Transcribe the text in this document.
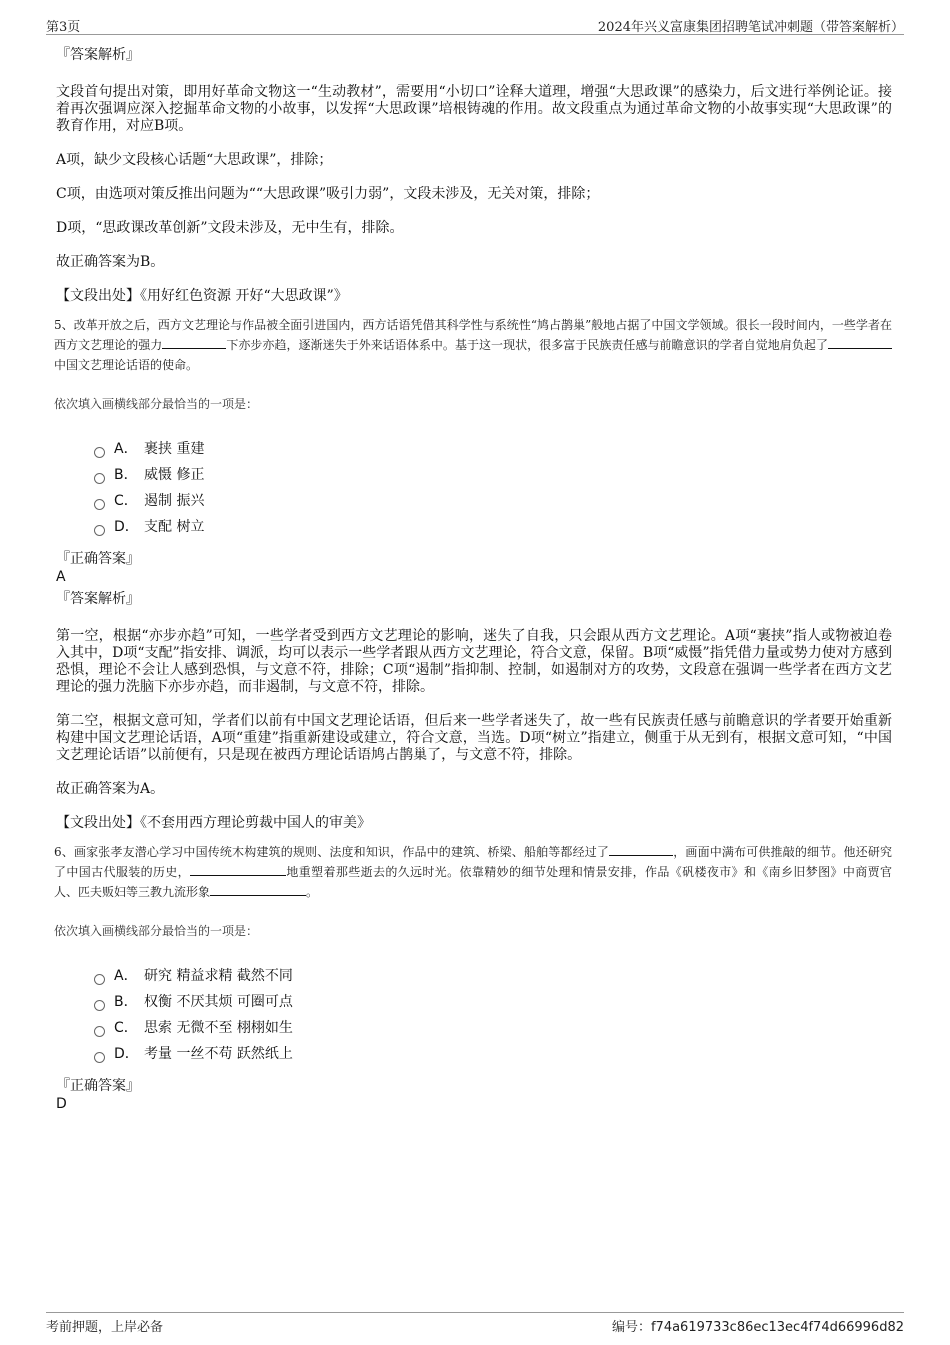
第3页	2024年兴义富康集团招聘笔试冲刺题（带答案解析）
『答案解析』

文段首句提出对策，即用好革命文物这一“生动教材”，需要用“小切口”诠释大道理，增强“大思政课”的感染力，后文进行举例论证。接着再次强调应深入挖掘革命文物的小故事，以发挥“大思政课”培根铸魂的作用。故文段重点为通过革命文物的小故事实现“大思政课”的教育作用，对应B项。

A项，缺少文段核心话题“大思政课”，排除；

C项，由选项对策反推出问题为““大思政课”吸引力弱”，文段未涉及，无关对策，排除；

D项，“思政课改革创新”文段未涉及，无中生有，排除。

故正确答案为B。

【文段出处】《用好红色资源 开好“大思政课”》

5、改革开放之后，西方文艺理论与作品被全面引进国内，西方话语凭借其科学性与系统性“鸠占鹊巢”般地占据了中国文学领域。很长一段时间内，一些学者在西方文艺理论的强力	下亦步亦趋，逐渐迷失于外来话语体系中。基于这一现状，很多富于民族责任感与前瞻意识的学者自觉地肩负起了中国文艺理论话语的使命。

依次填入画横线部分最恰当的一项是：

A． 裹挟 重建
B． 威慑 修正
C． 遏制 振兴
D． 支配 树立
『正确答案』
A
『答案解析』

第一空，根据“亦步亦趋”可知，一些学者受到西方文艺理论的影响，迷失了自我，只会跟从西方文艺理论。A项“裹挟”指人或物被迫卷入其中，D项“支配”指安排、调派，均可以表示一些学者跟从西方文艺理论，符合文意，保留。B项“威慑”指凭借力量或势力使对方感到恐惧，理论不会让人感到恐惧，与文意不符，排除；C项“遏制”指抑制、控制，如遏制对方的攻势，文段意在强调一些学者在西方文艺理论的强力洗脑下亦步亦趋，而非遏制，与文意不符，排除。

第二空，根据文意可知，学者们以前有中国文艺理论话语，但后来一些学者迷失了，故一些有民族责任感与前瞻意识的学者要开始重新构建中国文艺理论话语，A项“重建”指重新建设或建立，符合文意，当选。D项“树立”指建立，侧重于从无到有，根据文意可知，“中国文艺理论话语”以前便有，只是现在被西方理论话语鸠占鹊巢了，与文意不符，排除。

故正确答案为A。

【文段出处】《不套用西方理论剪裁中国人的审美》

6、画家张孝友潜心学习中国传统木构建筑的规则、法度和知识，作品中的建筑、桥梁、船舶等都经过了	，画面中满布可供推敲的细节。他还研究了中国古代服装的历史，	地重塑着那些逝去的久远时光。依靠精妙的细节处理和情景安排，作品《矾楼夜市》和《南乡旧梦图》中商贾官人、匹夫贩妇等三教九流形象	。

依次填入画横线部分最恰当的一项是：

A． 研究 精益求精 截然不同
B． 权衡 不厌其烦 可圈可点
C． 思索 无微不至 栩栩如生
D． 考量 一丝不苟 跃然纸上
『正确答案』
D
考前押题，上岸必备	编号：f74a619733c86ec13ec4f74d66996d82
